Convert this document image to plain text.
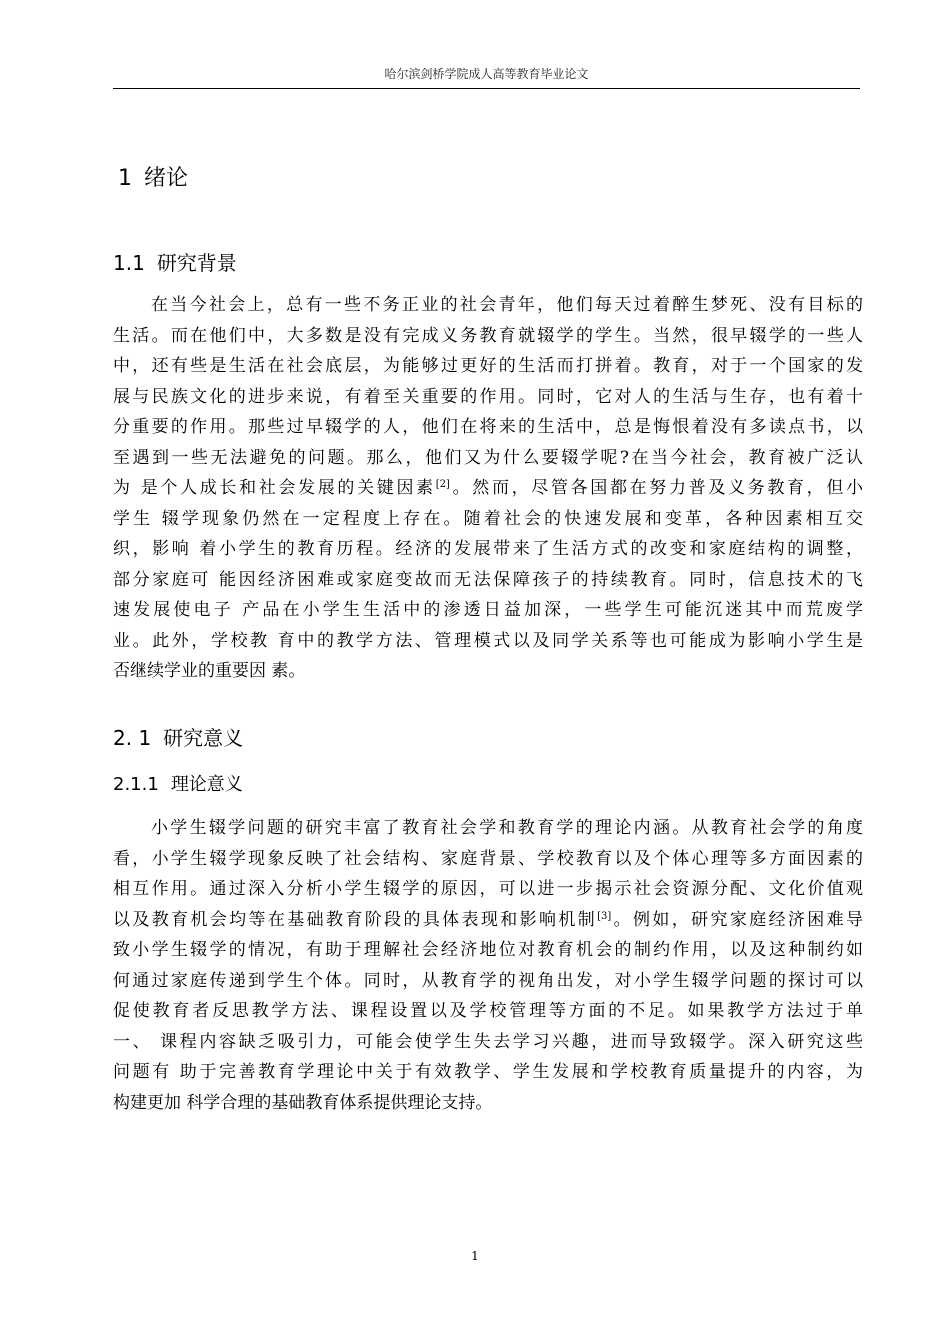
哈尔滨剑桥学院成人高等教育毕业论文
1 绪论
1.1 研究背景
在当今社会上，总有一些不务正业的社会青年，他们每天过着醉生梦死、没有目标的
生活。而在他们中，大多数是没有完成义务教育就辍学的学生。当然，很早辍学的一些人
中，还有些是生活在社会底层，为能够过更好的生活而打拼着。教育，对于一个国家的发
展与民族文化的进步来说，有着至关重要的作用。同时，它对人的生活与生存，也有着十
分重要的作用。那些过早辍学的人，他们在将来的生活中，总是悔恨着没有多读点书，以
至遇到一些无法避免的问题。那么，他们又为什么要辍学呢?在当今社会，教育被广泛认
为 是个人成长和社会发展的关键因素[2]。然而，尽管各国都在努力普及义务教育，但小
学生 辍学现象仍然在一定程度上存在。随着社会的快速发展和变革，各种因素相互交
织，影响 着小学生的教育历程。经济的发展带来了生活方式的改变和家庭结构的调整，
部分家庭可 能因经济困难或家庭变故而无法保障孩子的持续教育。同时，信息技术的飞
速发展使电子 产品在小学生生活中的渗透日益加深，一些学生可能沉迷其中而荒废学
业。此外，学校教 育中的教学方法、管理模式以及同学关系等也可能成为影响小学生是
否继续学业的重要因 素。
2. 1 研究意义
2.1.1 理论意义
小学生辍学问题的研究丰富了教育社会学和教育学的理论内涵。从教育社会学的角度
看，小学生辍学现象反映了社会结构、家庭背景、学校教育以及个体心理等多方面因素的
相互作用。通过深入分析小学生辍学的原因，可以进一步揭示社会资源分配、文化价值观
以及教育机会均等在基础教育阶段的具体表现和影响机制[3]。例如，研究家庭经济困难导
致小学生辍学的情况，有助于理解社会经济地位对教育机会的制约作用，以及这种制约如
何通过家庭传递到学生个体。同时，从教育学的视角出发，对小学生辍学问题的探讨可以
促使教育者反思教学方法、课程设置以及学校管理等方面的不足。如果教学方法过于单
一、 课程内容缺乏吸引力，可能会使学生失去学习兴趣，进而导致辍学。深入研究这些
问题有 助于完善教育学理论中关于有效教学、学生发展和学校教育质量提升的内容，为
构建更加 科学合理的基础教育体系提供理论支持。
1
